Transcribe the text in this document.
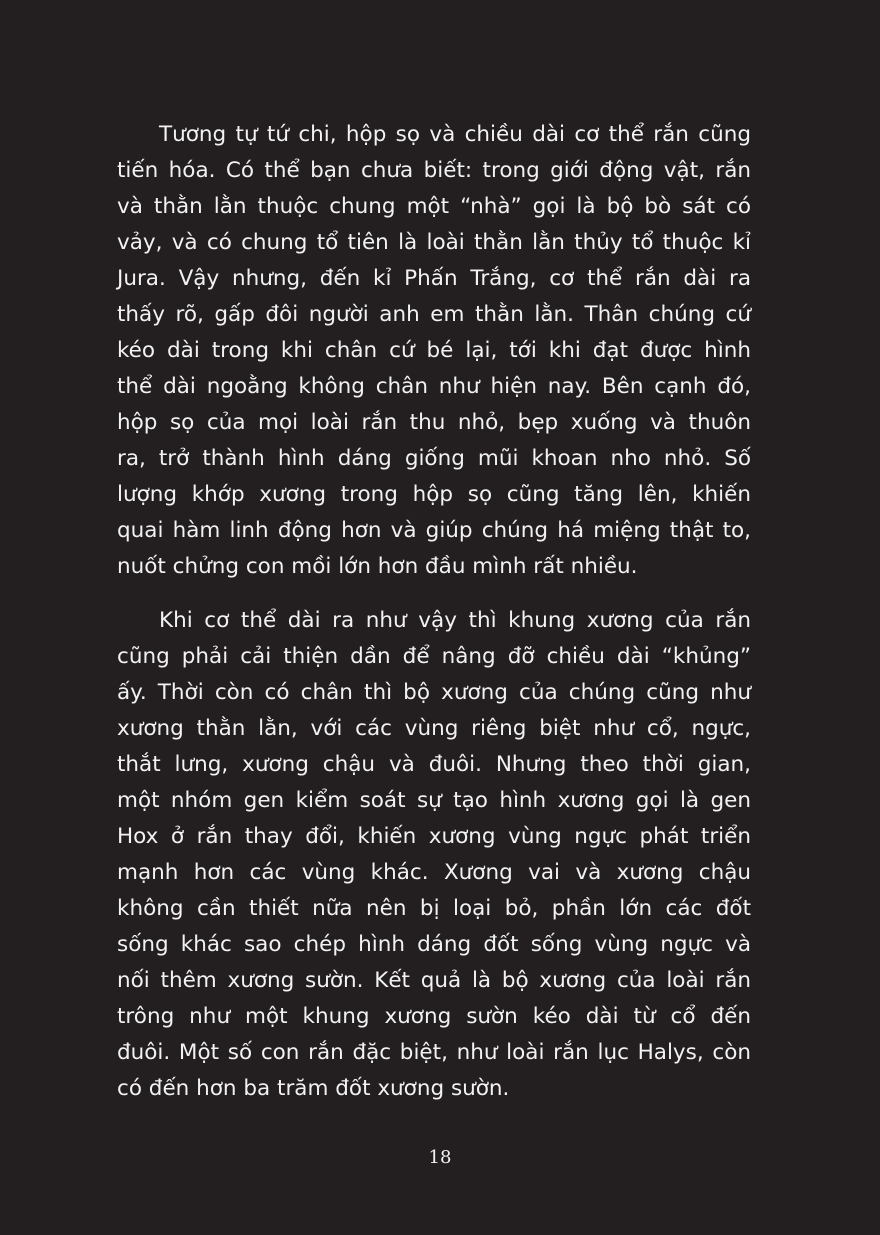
Tương tự tứ chi, hộp sọ và chiều dài cơ thể rắn cũng
tiến hóa. Có thể bạn chưa biết: trong giới động vật, rắn
và thằn lằn thuộc chung một “nhà” gọi là bộ bò sát có
vảy, và có chung tổ tiên là loài thằn lằn thủy tổ thuộc kỉ
Jura. Vậy nhưng, đến kỉ Phấn Trắng, cơ thể rắn dài ra
thấy rõ, gấp đôi người anh em thằn lằn. Thân chúng cứ
kéo dài trong khi chân cứ bé lại, tới khi đạt được hình
thể dài ngoằng không chân như hiện nay. Bên cạnh đó,
hộp sọ của mọi loài rắn thu nhỏ, bẹp xuống và thuôn
ra, trở thành hình dáng giống mũi khoan nho nhỏ. Số
lượng khớp xương trong hộp sọ cũng tăng lên, khiến
quai hàm linh động hơn và giúp chúng há miệng thật to,
nuốt chửng con mồi lớn hơn đầu mình rất nhiều.
Khi cơ thể dài ra như vậy thì khung xương của rắn
cũng phải cải thiện dần để nâng đỡ chiều dài “khủng”
ấy. Thời còn có chân thì bộ xương của chúng cũng như
xương thằn lằn, với các vùng riêng biệt như cổ, ngực,
thắt lưng, xương chậu và đuôi. Nhưng theo thời gian,
một nhóm gen kiểm soát sự tạo hình xương gọi là gen
Hox ở rắn thay đổi, khiến xương vùng ngực phát triển
mạnh hơn các vùng khác. Xương vai và xương chậu
không cần thiết nữa nên bị loại bỏ, phần lớn các đốt
sống khác sao chép hình dáng đốt sống vùng ngực và
nối thêm xương sườn. Kết quả là bộ xương của loài rắn
trông như một khung xương sườn kéo dài từ cổ đến
đuôi. Một số con rắn đặc biệt, như loài rắn lục Halys, còn
có đến hơn ba trăm đốt xương sườn.
18
